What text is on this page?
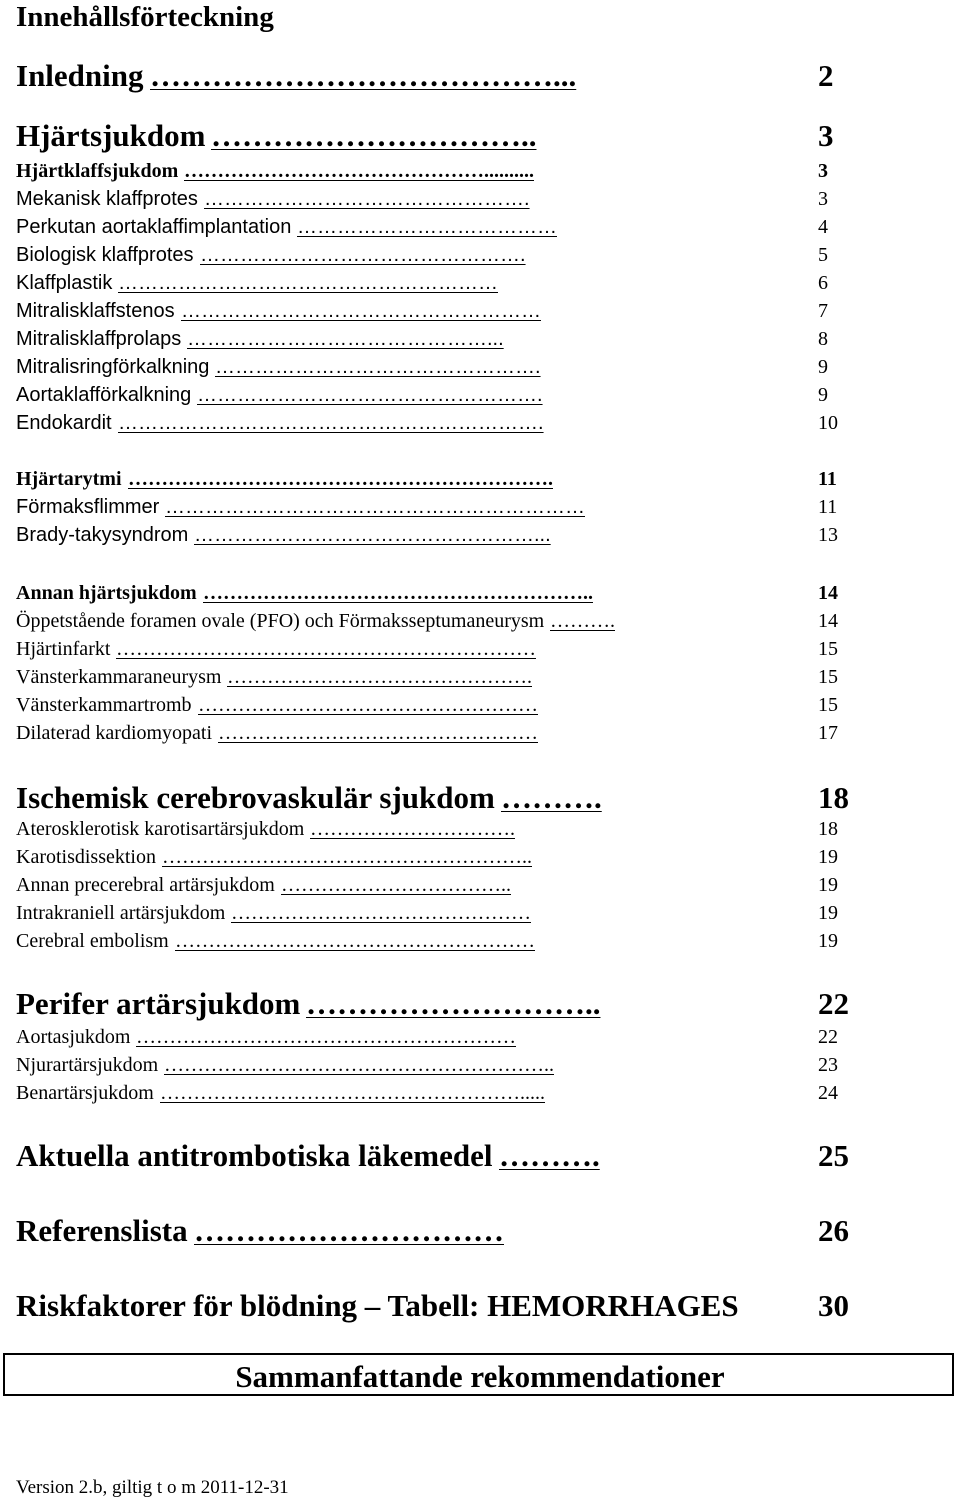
Innehållsförteckning
Inledning …………………………………...	2
Hjärtsjukdom …………………………..	3
Hjärtklaffsjukdom ………………………………………..........	3
Mekanisk klaffprotes ………………………………………….	3
Perkutan aortaklaffimplantation …………………………………	4
Biologisk klaffprotes ………………………………………….	5
Klaffplastik …………………………………………………	6
Mitralisklaffstenos ………………………………………………	7
Mitralisklaffprolaps ………………………………………...	8
Mitralisringförkalkning ………………………………………….	9
Aortaklafförkalkning …………………………………………….	9
Endokardit ……………………………………………………….	10
Hjärtarytmi ……………………………………………………….	11
Förmaksflimmer ………………………………………………………	11
Brady-takysyndrom ……………………………………………...	13
Annan hjärtsjukdom …………………………………………………..	14
Öppetstående foramen ovale (PFO) och Förmaksseptumaneurysm ……….	14
Hjärtinfarkt ………………………………………………………	15
Vänsterkammaraneurysm ……………………………………….	15
Vänsterkammartromb ……………………………………………	15
Dilaterad kardiomyopati …………………………………………	17
Ischemisk cerebrovaskulär sjukdom ……….	18
Aterosklerotisk karotisartärsjukdom ………………………….	18
Karotisdissektion ………………………………………………..	19
Annan precerebral artärsjukdom ……………………………..	19
Intrakraniell artärsjukdom ………………………………………	19
Cerebral embolism ………………………………………………	19
Perifer artärsjukdom ………………………..	22
Aortasjukdom …………………………………………………	22
Njurartärsjukdom …………………………………………………..	23
Benartärsjukdom ……………………………………………….....	24
Aktuella antitrombotiska läkemedel ……….	25
Referenslista …………………………	26
Riskfaktorer för blödning – Tabell: HEMORRHAGES	30
Sammanfattande rekommendationer
Version 2.b, giltig t o m 2011-12-31
